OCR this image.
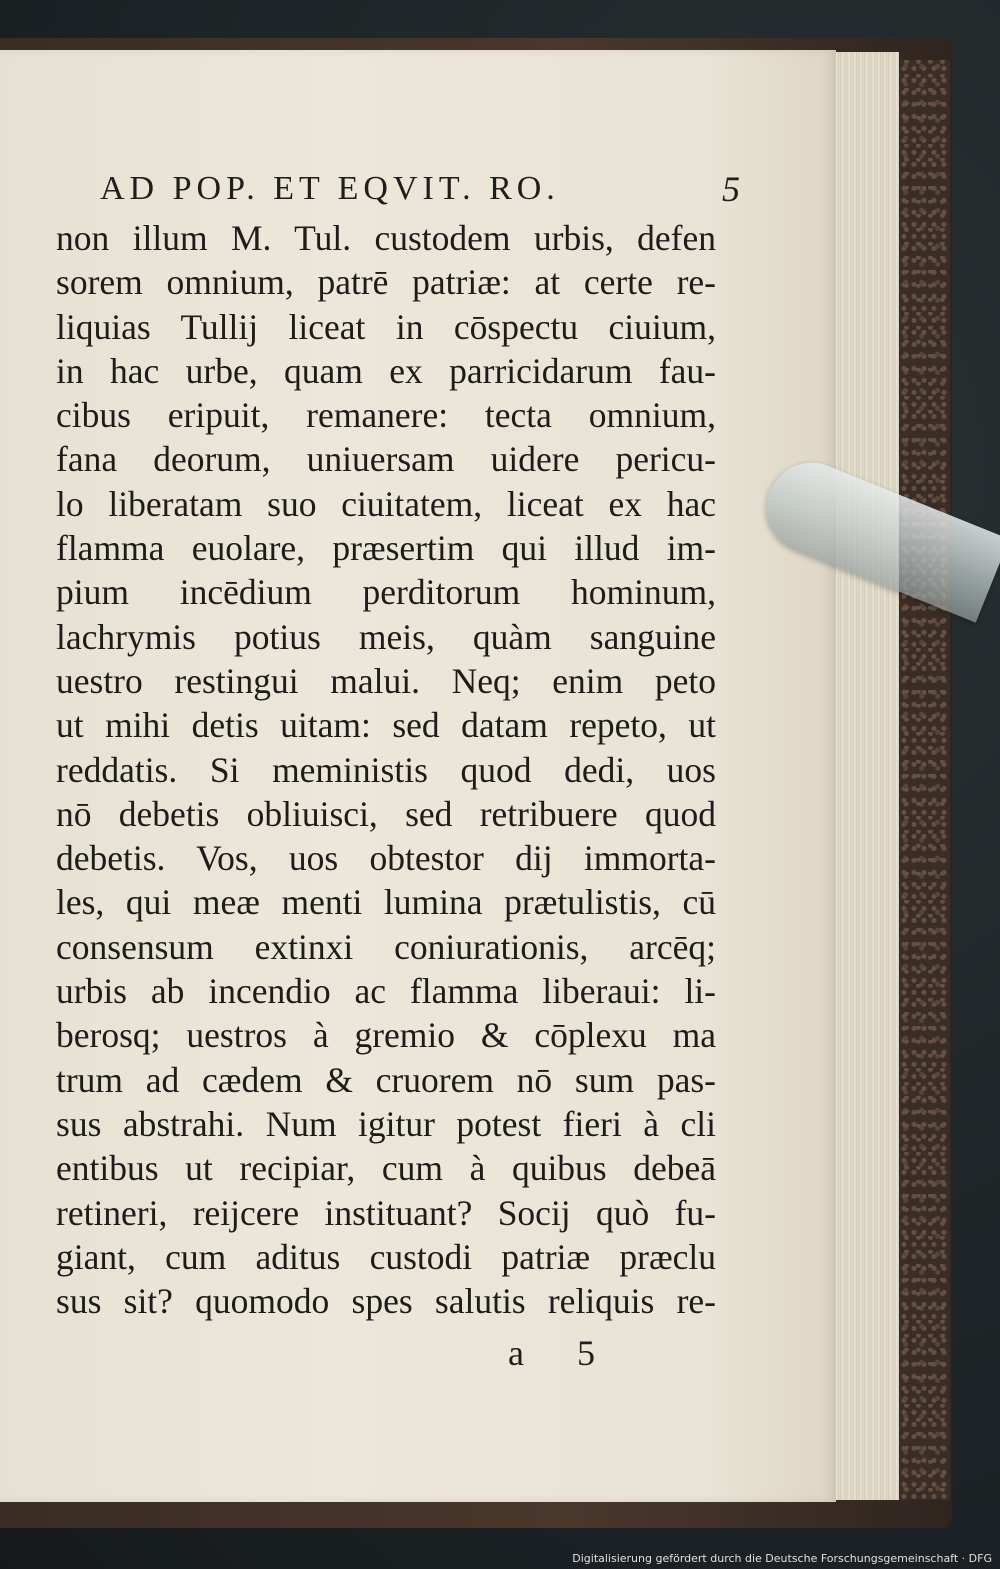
AD POP. ET EQVIT. RO.	5
non illum M. Tul. custodem urbis, defen
sorem omnium, patrē patriæ: at certe re-
liquias Tullij liceat in cōspectu ciuium,
in hac urbe, quam ex parricidarum fau-
cibus eripuit, remanere: tecta omnium,
fana deorum, uniuersam uidere pericu-
lo liberatam suo ciuitatem, liceat ex hac
flamma euolare, præsertim qui illud im-
pium incēdium perditorum hominum,
lachrymis potius meis, quàm sanguine
uestro restingui malui. Neq; enim peto
ut mihi detis uitam: sed datam repeto, ut
reddatis. Si meministis quod dedi, uos
nō debetis obliuisci, sed retribuere quod
debetis. Vos, uos obtestor dij immorta-
les, qui meæ menti lumina prætulistis, cū
consensum extinxi coniurationis, arcēq;
urbis ab incendio ac flamma liberaui: li-
berosq; uestros à gremio & cōplexu ma
trum ad cædem & cruorem nō sum pas-
sus abstrahi. Num igitur potest fieri à cli
entibus ut recipiar, cum à quibus debeā
retineri, reijcere instituant? Socij quò fu-
giant, cum aditus custodi patriæ præclu
sus sit? quomodo spes salutis reliquis re-
a 5
Digitalisierung gefördert durch die Deutsche Forschungsgemeinschaft · DFG
